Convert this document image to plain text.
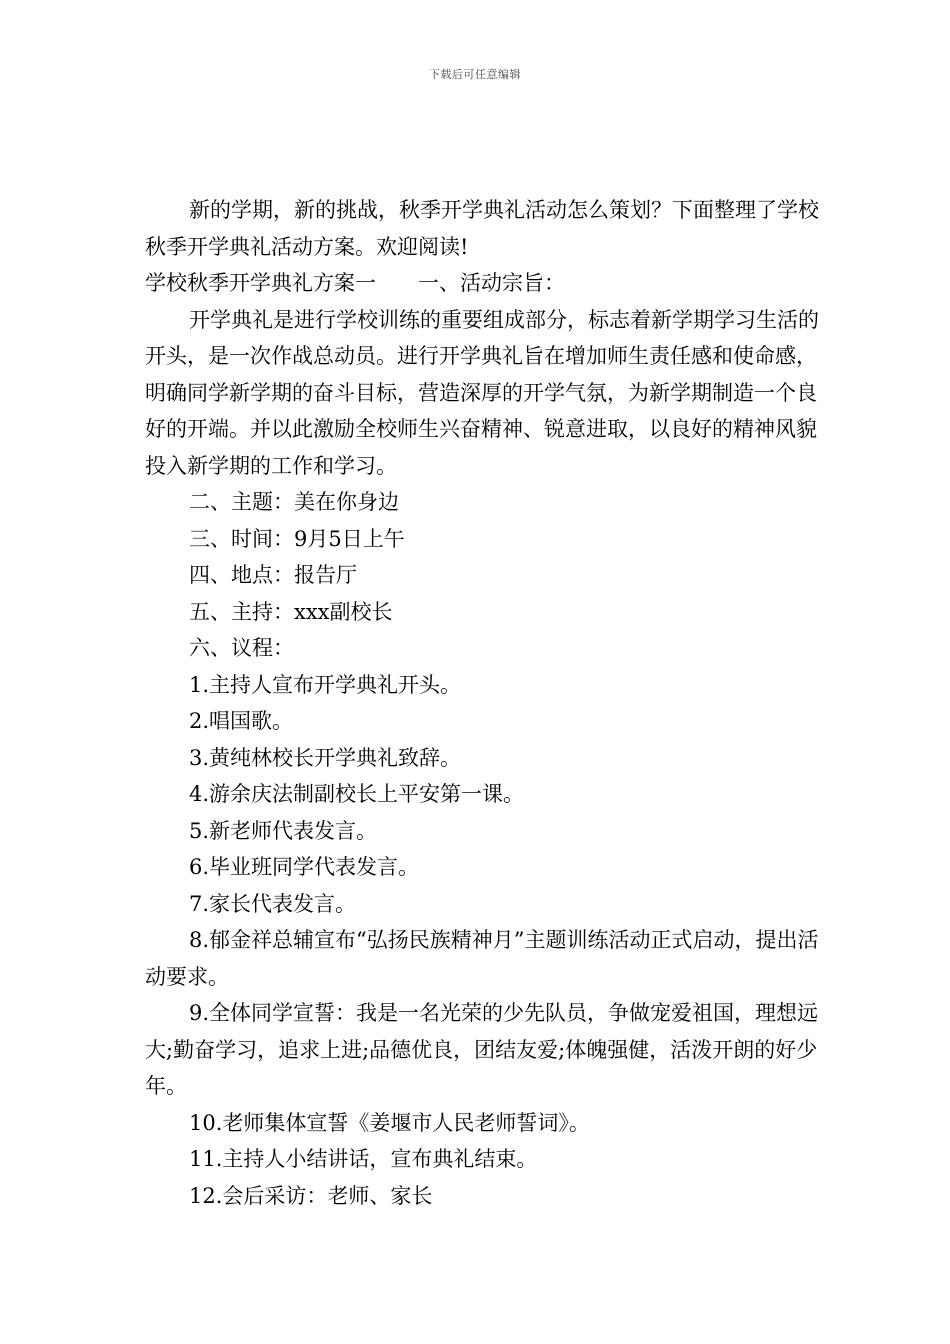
下载后可任意编辑

新的学期，新的挑战，秋季开学典礼活动怎么策划？下面整理了学校秋季开学典礼活动方案。欢迎阅读!

学校秋季开学典礼方案一　　一、活动宗旨：

开学典礼是进行学校训练的重要组成部分，标志着新学期学习生活的开头，是一次作战总动员。进行开学典礼旨在增加师生责任感和使命感，明确同学新学期的奋斗目标，营造深厚的开学气氛，为新学期制造一个良好的开端。并以此激励全校师生兴奋精神、锐意进取，以良好的精神风貌投入新学期的工作和学习。

二、主题：美在你身边

三、时间：9月5日上午

四、地点：报告厅

五、主持：xxx副校长

六、议程：

1.主持人宣布开学典礼开头。

2.唱国歌。

3.黄纯林校长开学典礼致辞。

4.游余庆法制副校长上平安第一课。

5.新老师代表发言。

6.毕业班同学代表发言。

7.家长代表发言。

8.郁金祥总辅宣布“弘扬民族精神月”主题训练活动正式启动，提出活动要求。

9.全体同学宣誓：我是一名光荣的少先队员，争做宠爱祖国，理想远大;勤奋学习，追求上进;品德优良，团结友爱;体魄强健，活泼开朗的好少年。

10.老师集体宣誓《姜堰市人民老师誓词》。

11.主持人小结讲话，宣布典礼结束。

12.会后采访：老师、家长
